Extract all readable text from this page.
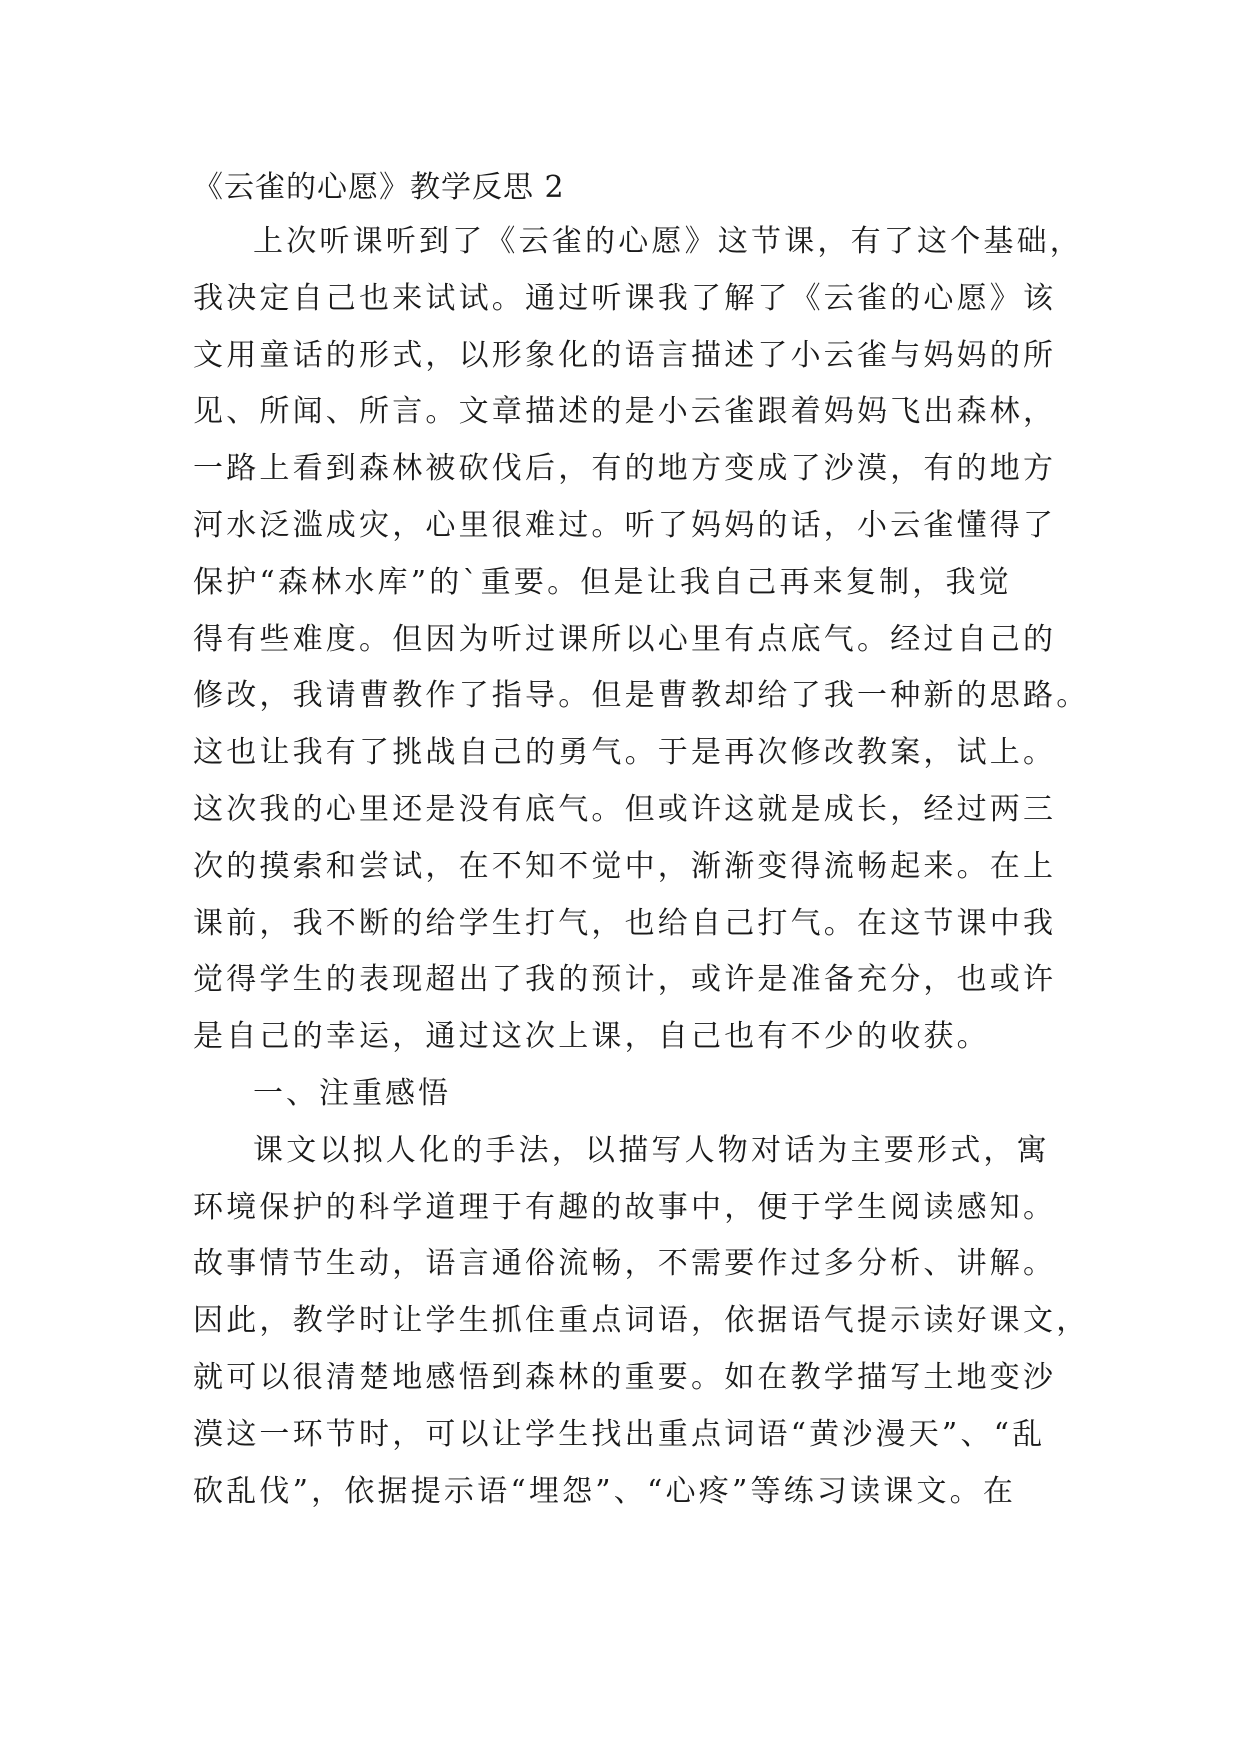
《云雀的心愿》教学反思 2
上次听课听到了《云雀的心愿》这节课，有了这个基础，
我决定自己也来试试。通过听课我了解了《云雀的心愿》该
文用童话的形式，以形象化的语言描述了小云雀与妈妈的所
见、所闻、所言。文章描述的是小云雀跟着妈妈飞出森林，
一路上看到森林被砍伐后，有的地方变成了沙漠，有的地方
河水泛滥成灾，心里很难过。听了妈妈的话，小云雀懂得了
保护“森林水库”的`重要。但是让我自己再来复制，我觉
得有些难度。但因为听过课所以心里有点底气。经过自己的
修改，我请曹教作了指导。但是曹教却给了我一种新的思路。
这也让我有了挑战自己的勇气。于是再次修改教案，试上。
这次我的心里还是没有底气。但或许这就是成长，经过两三
次的摸索和尝试，在不知不觉中，渐渐变得流畅起来。在上
课前，我不断的给学生打气，也给自己打气。在这节课中我
觉得学生的表现超出了我的预计，或许是准备充分，也或许
是自己的幸运，通过这次上课，自己也有不少的收获。
一、注重感悟
课文以拟人化的手法，以描写人物对话为主要形式，寓
环境保护的科学道理于有趣的故事中，便于学生阅读感知。
故事情节生动，语言通俗流畅，不需要作过多分析、讲解。
因此，教学时让学生抓住重点词语，依据语气提示读好课文，
就可以很清楚地感悟到森林的重要。如在教学描写土地变沙
漠这一环节时，可以让学生找出重点词语“黄沙漫天”、“乱
砍乱伐”，依据提示语“埋怨”、“心疼”等练习读课文。在
